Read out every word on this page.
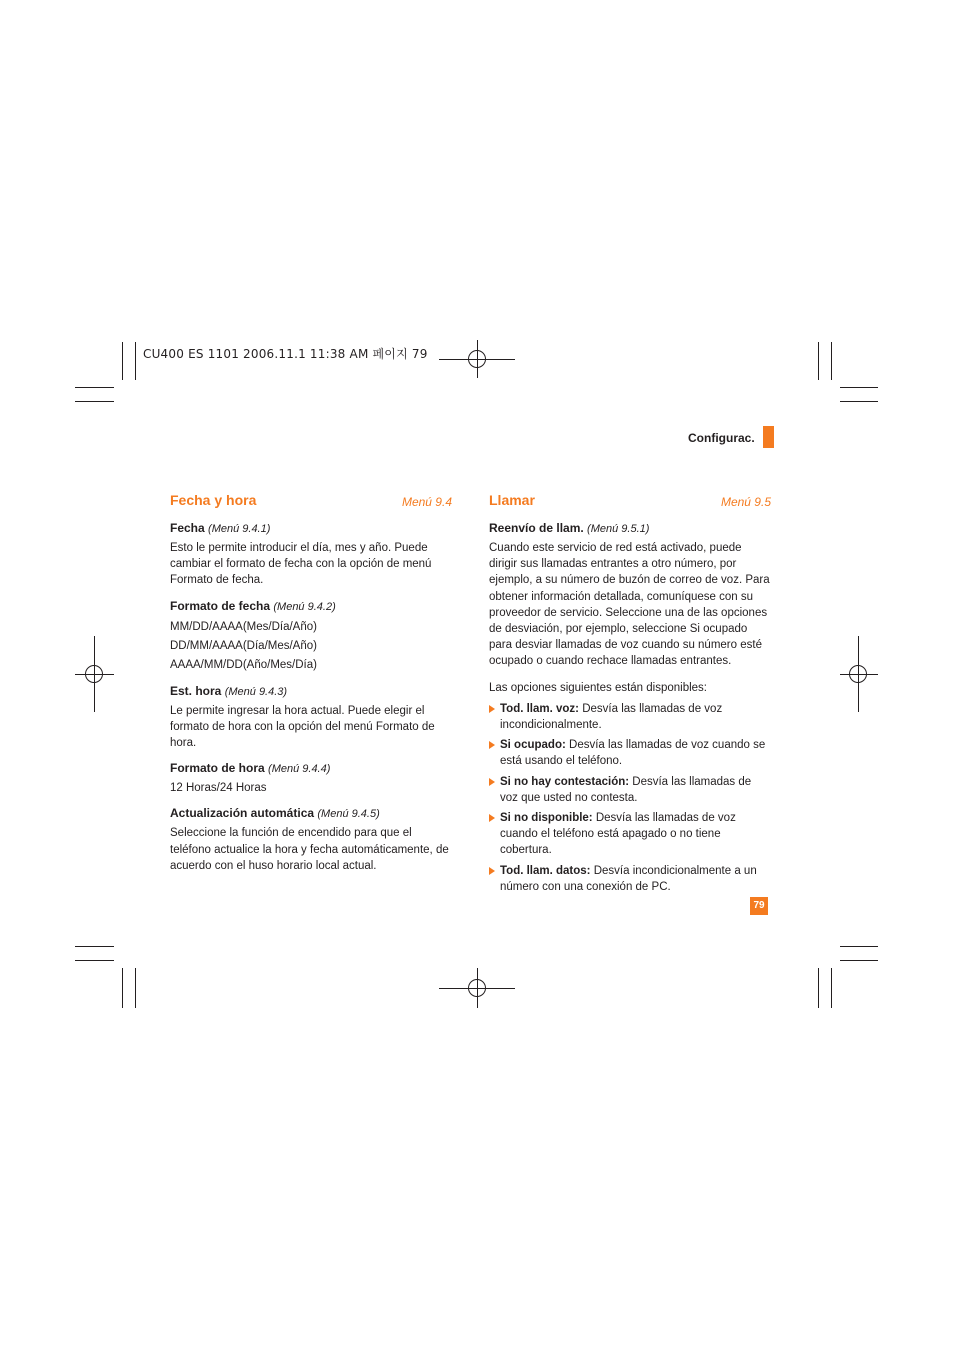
CU400 ES 1101 2006.11.1 11:38 AM 페이지 79
Configurac.
Fecha y hora	Menú 9.4
Fecha (Menú 9.4.1)

Esto le permite introducir el día, mes y año. Puede cambiar el formato de fecha con la opción de menú Formato de fecha.

Formato de fecha (Menú 9.4.2)
MM/DD/AAAA(Mes/Día/Año)
DD/MM/AAAA(Día/Mes/Año)
AAAA/MM/DD(Año/Mes/Día)
Est. hora (Menú 9.4.3)

Le permite ingresar la hora actual. Puede elegir el formato de hora con la opción del menú Formato de hora.

Formato de hora (Menú 9.4.4)

12 Horas/24 Horas

Actualización automática (Menú 9.4.5)

Seleccione la función de encendido para que el teléfono actualice la hora y fecha automáticamente, de acuerdo con el huso horario local actual.

Llamar	Menú 9.5
Reenvío de llam. (Menú 9.5.1)

Cuando este servicio de red está activado, puede dirigir sus llamadas entrantes a otro número, por ejemplo, a su número de buzón de correo de voz. Para obtener información detallada, comuníquese con su proveedor de servicio. Seleccione una de las opciones de desviación, por ejemplo, seleccione Si ocupado para desviar llamadas de voz cuando su número esté ocupado o cuando rechace llamadas entrantes.

Las opciones siguientes están disponibles:

Tod. llam. voz: Desvía las llamadas de voz incondicionalmente.
Si ocupado: Desvía las llamadas de voz cuando se está usando el teléfono.
Si no hay contestación: Desvía las llamadas de voz que usted no contesta.
Si no disponible: Desvía las llamadas de voz cuando el teléfono está apagado o no tiene cobertura.
Tod. llam. datos: Desvía incondicionalmente a un número con una conexión de PC.
79
